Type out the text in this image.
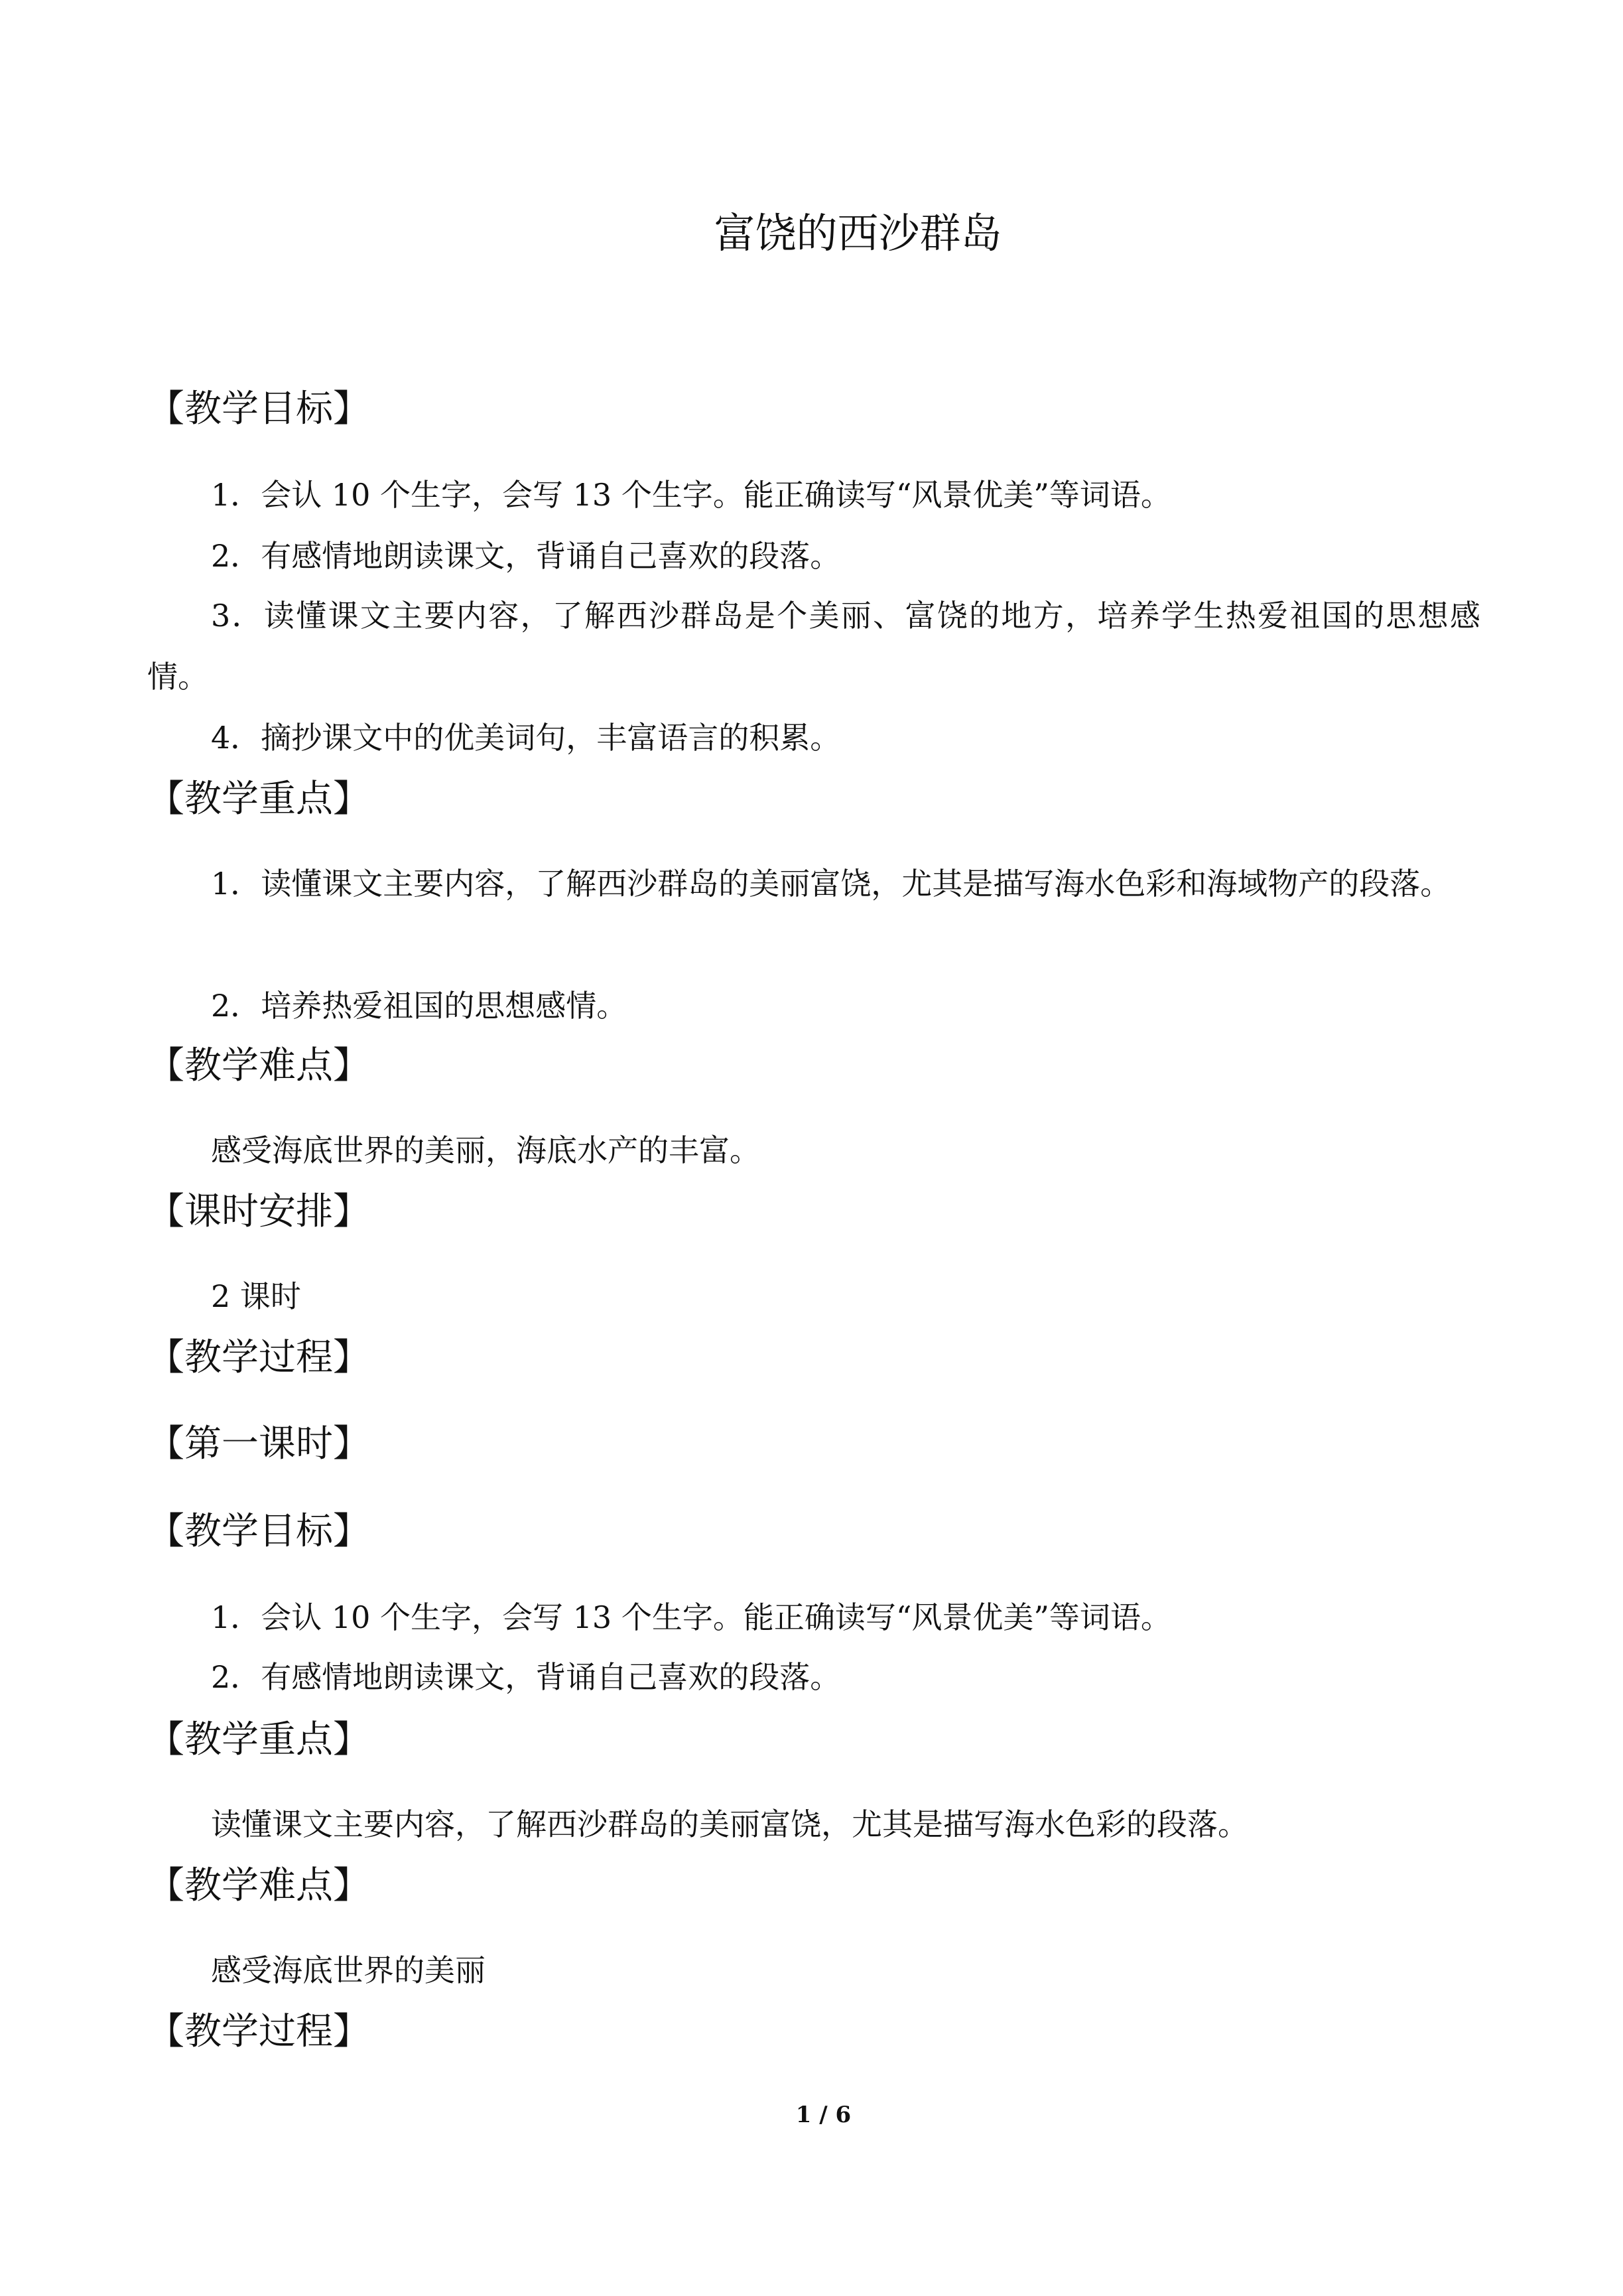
富饶的西沙群岛
【教学目标】

1．会认 10 个生字，会写 13 个生字。能正确读写“风景优美”等词语。

2．有感情地朗读课文，背诵自己喜欢的段落。

3．读懂课文主要内容，了解西沙群岛是个美丽、富饶的地方，培养学生热爱祖国的思想感情。

4．摘抄课文中的优美词句，丰富语言的积累。

【教学重点】

1．读懂课文主要内容，了解西沙群岛的美丽富饶，尤其是描写海水色彩和海域物产的段落。

2．培养热爱祖国的思想感情。

【教学难点】

感受海底世界的美丽，海底水产的丰富。

【课时安排】

2 课时

【教学过程】
【第一课时】
【教学目标】

1．会认 10 个生字，会写 13 个生字。能正确读写“风景优美”等词语。

2．有感情地朗读课文，背诵自己喜欢的段落。

【教学重点】

读懂课文主要内容，了解西沙群岛的美丽富饶，尤其是描写海水色彩的段落。

【教学难点】

感受海底世界的美丽

【教学过程】
1 / 6
